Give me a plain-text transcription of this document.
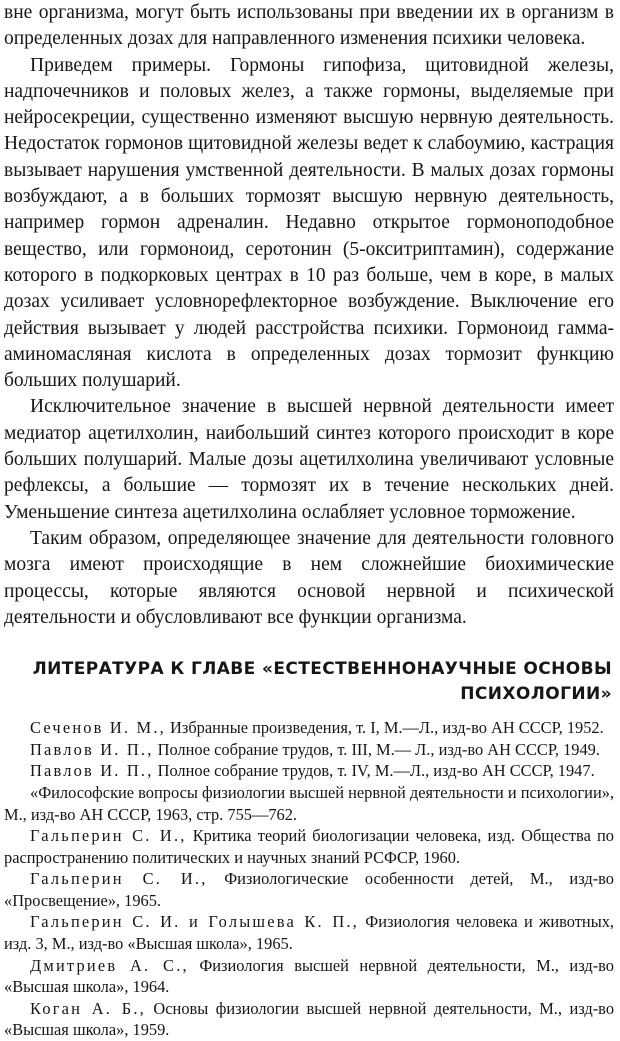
вне организма, могут быть использованы при введении их в организм в определенных дозах для направленного изменения психики человека.

Приведем примеры. Гормоны гипофиза, щитовидной железы, надпочечников и половых желез, а также гормоны, выделяемые при нейросекреции, существенно изменяют высшую нервную деятельность. Недостаток гормонов щитовидной железы ведет к слабоумию, кастрация вызывает нарушения умственной деятельности. В малых дозах гормоны возбуждают, а в больших тормозят высшую нервную деятельность, например гормон адреналин. Недавно открытое гормоноподобное вещество, или гормоноид, серотонин (5-окситриптамин), содержание которого в подкорковых центрах в 10 раз больше, чем в коре, в малых дозах усиливает условнорефлекторное возбуждение. Выключение его действия вызывает у людей расстройства психики. Гормоноид гамма-аминомасляная кислота в определенных дозах тормозит функцию больших полушарий.

Исключительное значение в высшей нервной деятельности имеет медиатор ацетилхолин, наибольший синтез которого происходит в коре больших полушарий. Малые дозы ацетилхолина увеличивают условные рефлексы, а большие — тормозят их в течение нескольких дней. Уменьшение синтеза ацетилхолина ослабляет условное торможение.

Таким образом, определяющее значение для деятельности головного мозга имеют происходящие в нем сложнейшие биохимические процессы, которые являются основой нервной и психической деятельности и обусловливают все функции организма.

ЛИТЕРАТУРА К ГЛАВЕ «ЕСТЕСТВЕННОНАУЧНЫЕ ОСНОВЫ ПСИХОЛОГИИ»

Сеченов И. М., Избранные произведения, т. I, М.—Л., изд-во АН СССР, 1952.

Павлов И. П., Полное собрание трудов, т. III, М.— Л., изд-во АН СССР, 1949.

Павлов И. П., Полное собрание трудов, т. IV, М.—Л., изд-во АН СССР, 1947.

«Философские вопросы физиологии высшей нервной деятельности и психологии», М., изд-во АН СССР, 1963, стр. 755—762.

Гальперин С. И., Критика теорий биологизации человека, изд. Общества по распространению политических и научных знаний РСФСР, 1960.

Гальперин С. И., Физиологические особенности детей, М., изд-во «Просвещение», 1965.

Гальперин С. И. и Голышева К. П., Физиология человека и животных, изд. 3, М., изд-во «Высшая школа», 1965.

Дмитриев А. С., Физиология высшей нервной деятельности, М., изд-во «Высшая школа», 1964.

Коган А. Б., Основы физиологии высшей нервной деятельности, М., изд-во «Высшая школа», 1959.
